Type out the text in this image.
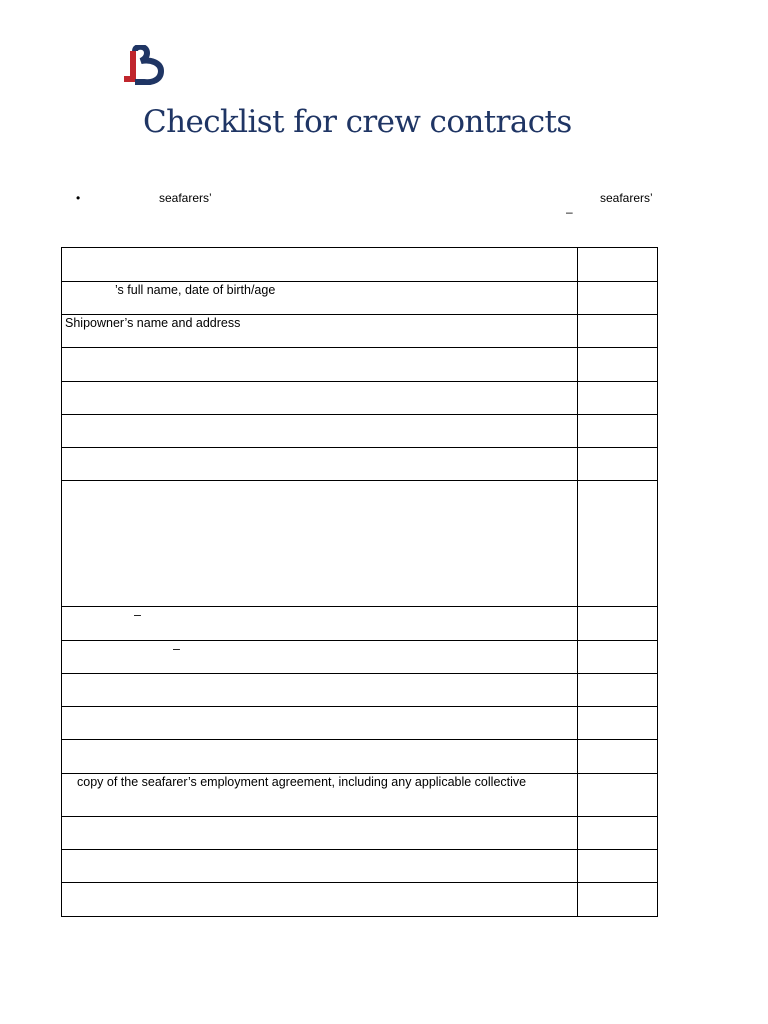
Checklist for crew contracts
•	seafarers’	seafarers’
–

’s full name, date of birth/age	

Shipowner’s name and address	

–	

–	

copy of the seafarer’s employment agreement, including any applicable collective	
